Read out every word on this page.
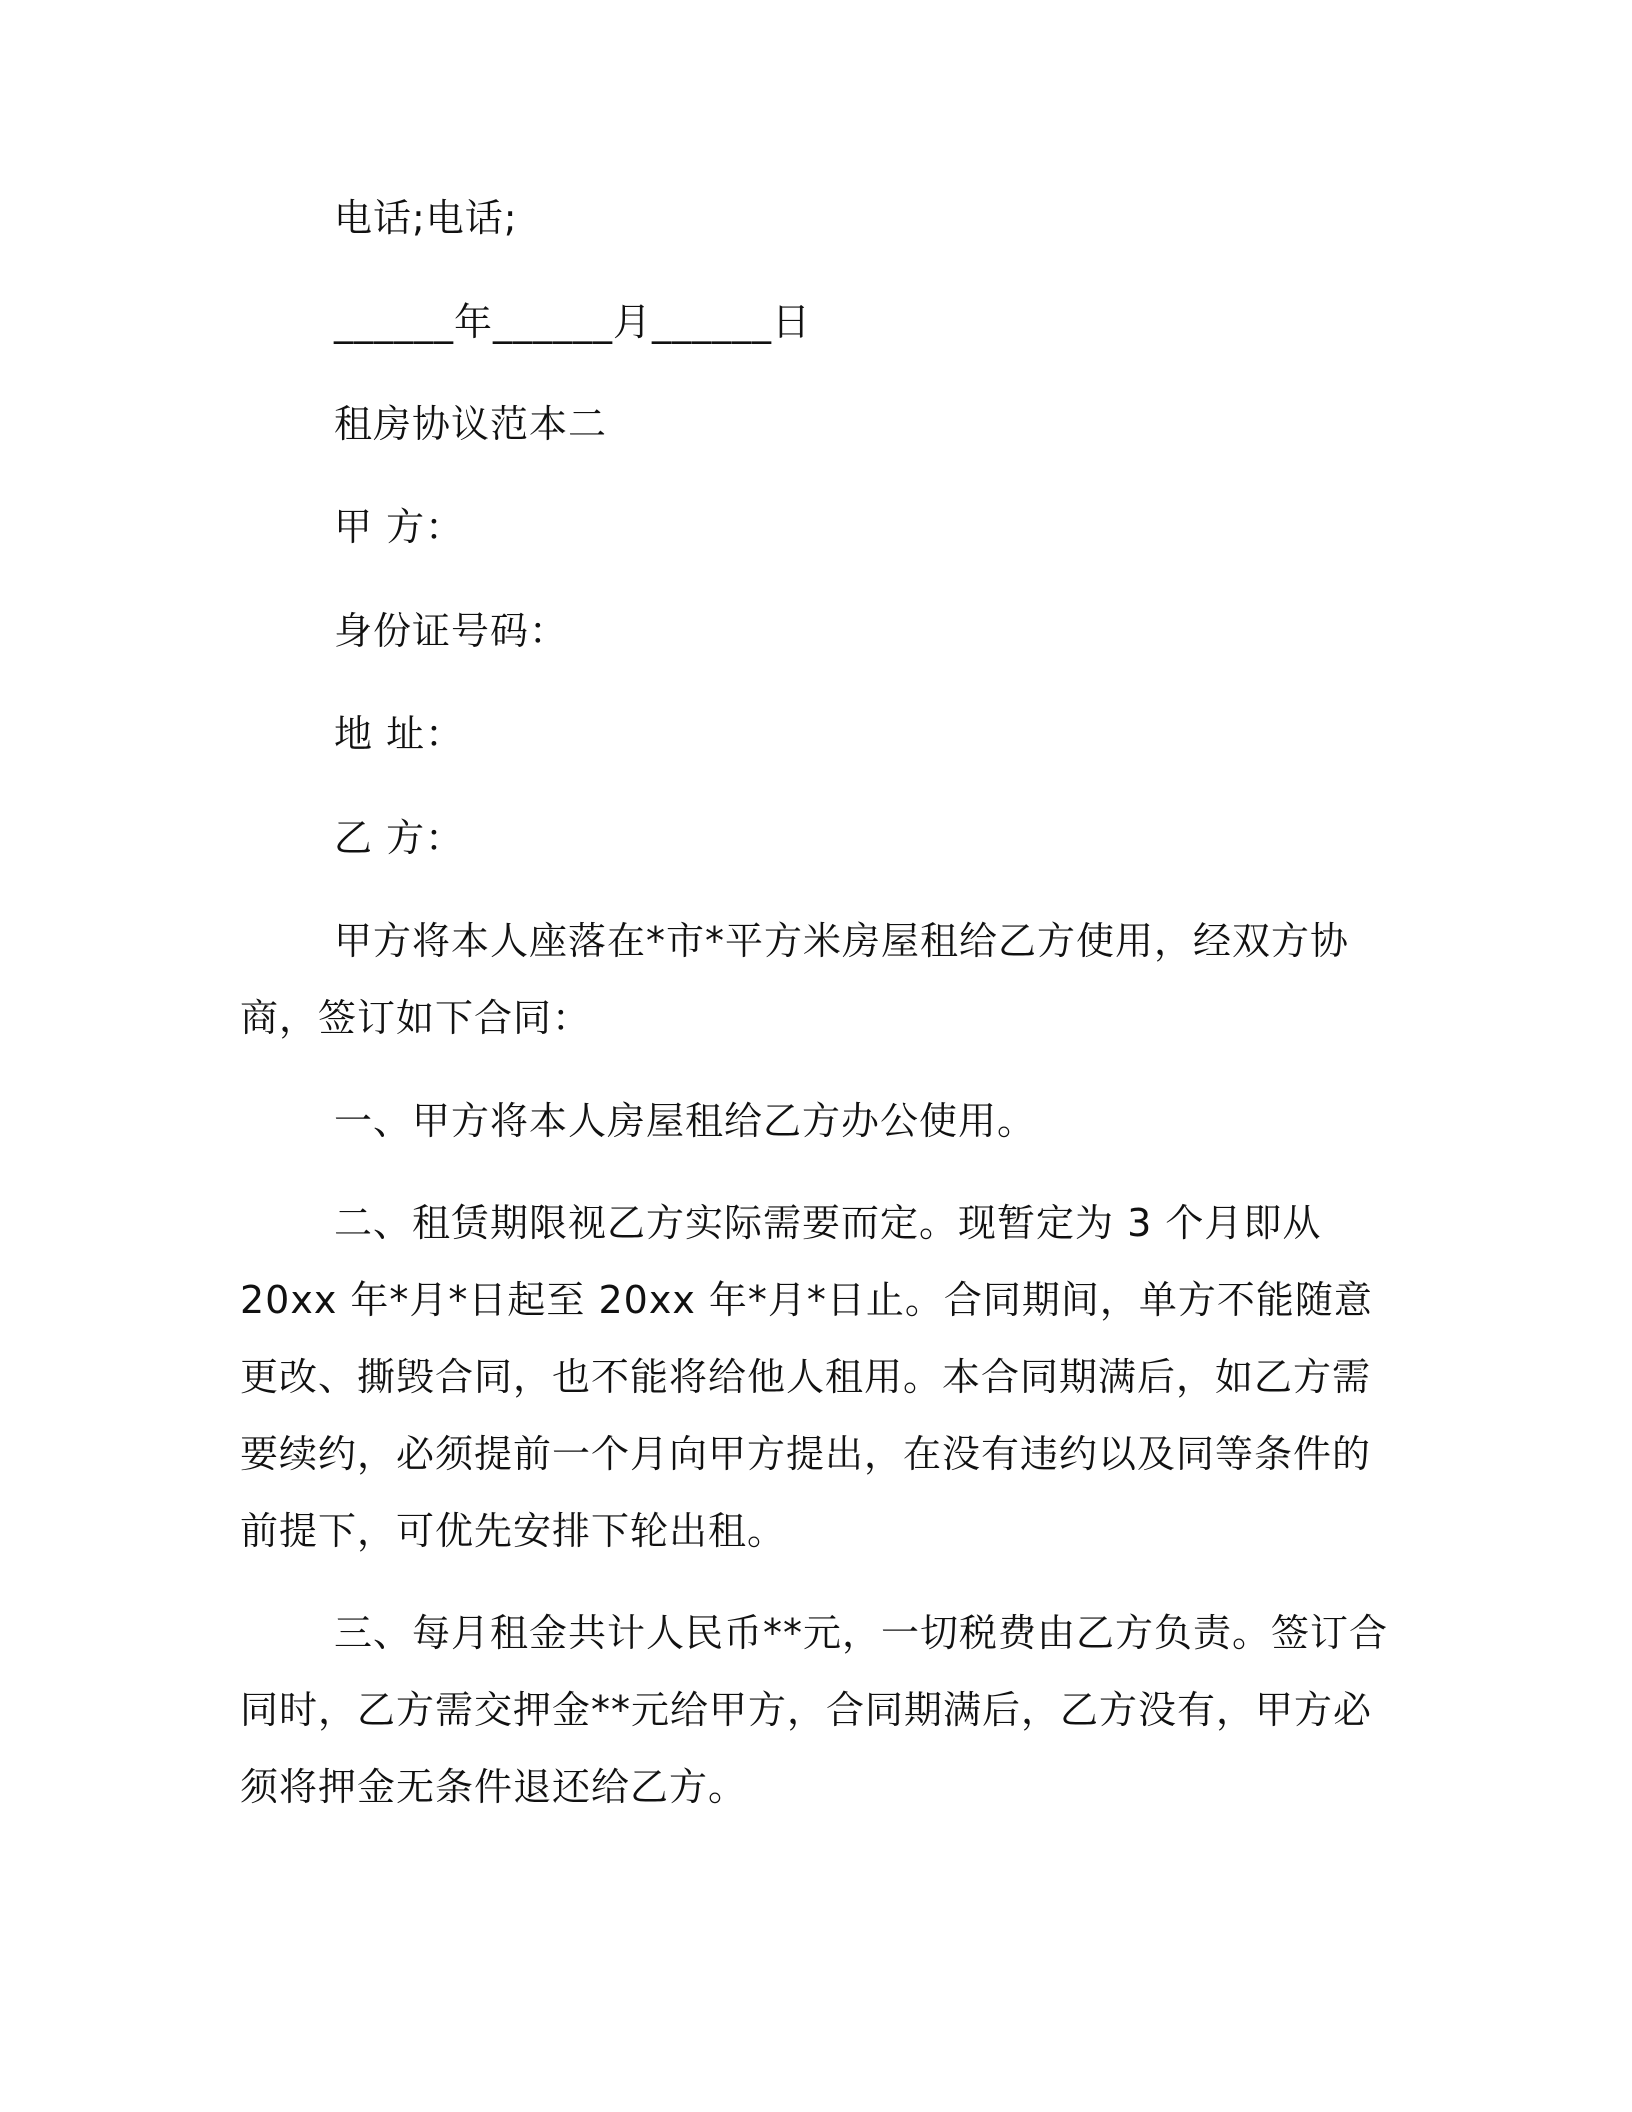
电话;电话;
______年______月______日
租房协议范本二
甲 方：
身份证号码：
地 址：
乙 方：

甲方将本人座落在*市*平方米房屋租给乙方使用，经双方协商，签订如下合同：

一、甲方将本人房屋租给乙方办公使用。

二、租赁期限视乙方实际需要而定。现暂定为 3 个月即从 20xx 年*月*日起至 20xx 年*月*日止。合同期间，单方不能随意更改、撕毁合同，也不能将给他人租用。本合同期满后，如乙方需要续约，必须提前一个月向甲方提出，在没有违约以及同等条件的前提下，可优先安排下轮出租。

三、每月租金共计人民币**元，一切税费由乙方负责。签订合同时，乙方需交押金**元给甲方，合同期满后，乙方没有，甲方必须将押金无条件退还给乙方。
